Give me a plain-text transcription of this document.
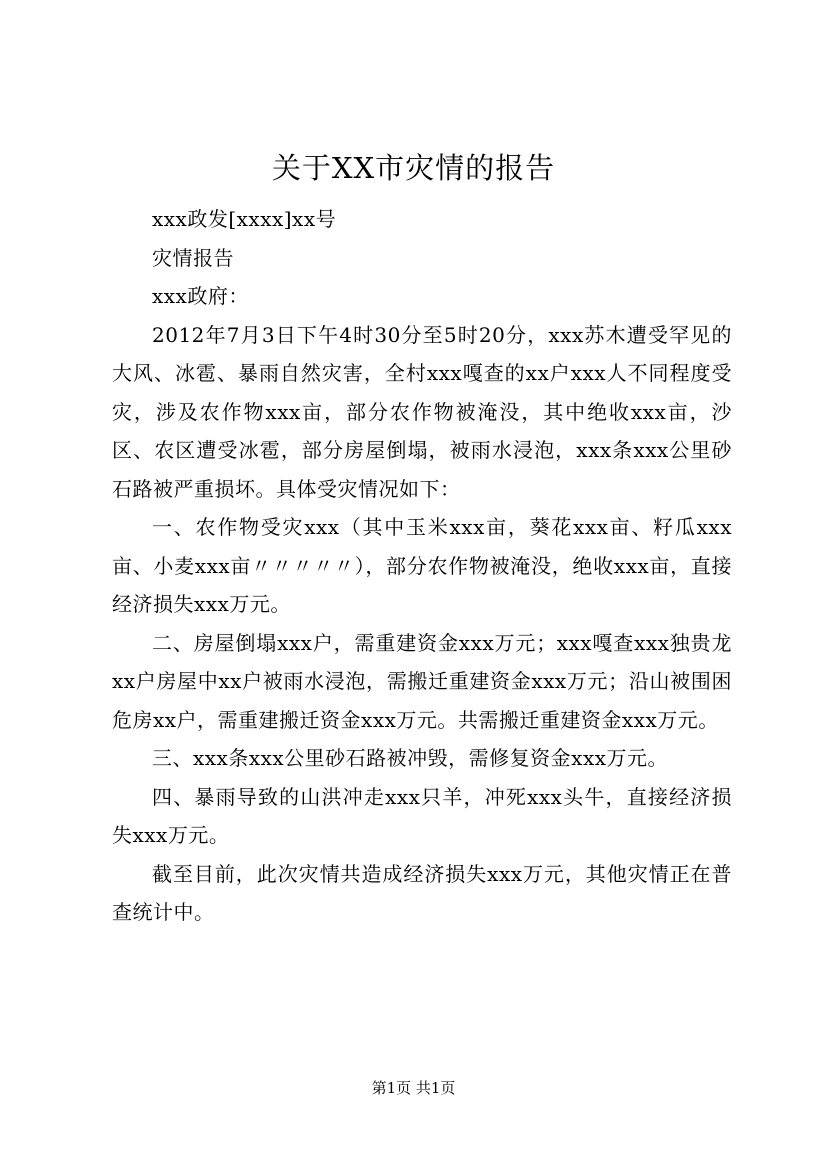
关于XX市灾情的报告

xxx政发[xxxx]xx号

灾情报告

xxx政府：

2012年7月3日下午4时30分至5时20分，xxx苏木遭受罕见的大风、冰雹、暴雨自然灾害，全村xxx嘎查的xx户xxx人不同程度受灾，涉及农作物xxx亩，部分农作物被淹没，其中绝收xxx亩，沙区、农区遭受冰雹，部分房屋倒塌，被雨水浸泡，xxx条xxx公里砂石路被严重损坏。具体受灾情况如下：

一、农作物受灾xxx（其中玉米xxx亩，葵花xxx亩、籽瓜xxx亩、小麦xxx亩〃〃〃〃〃），部分农作物被淹没，绝收xxx亩，直接经济损失xxx万元。

二、房屋倒塌xxx户，需重建资金xxx万元；xxx嘎查xxx独贵龙xx户房屋中xx户被雨水浸泡，需搬迁重建资金xxx万元；沿山被围困危房xx户，需重建搬迁资金xxx万元。共需搬迁重建资金xxx万元。

三、xxx条xxx公里砂石路被冲毁，需修复资金xxx万元。

四、暴雨导致的山洪冲走xxx只羊，冲死xxx头牛，直接经济损失xxx万元。

截至目前，此次灾情共造成经济损失xxx万元，其他灾情正在普查统计中。

第1页 共1页
